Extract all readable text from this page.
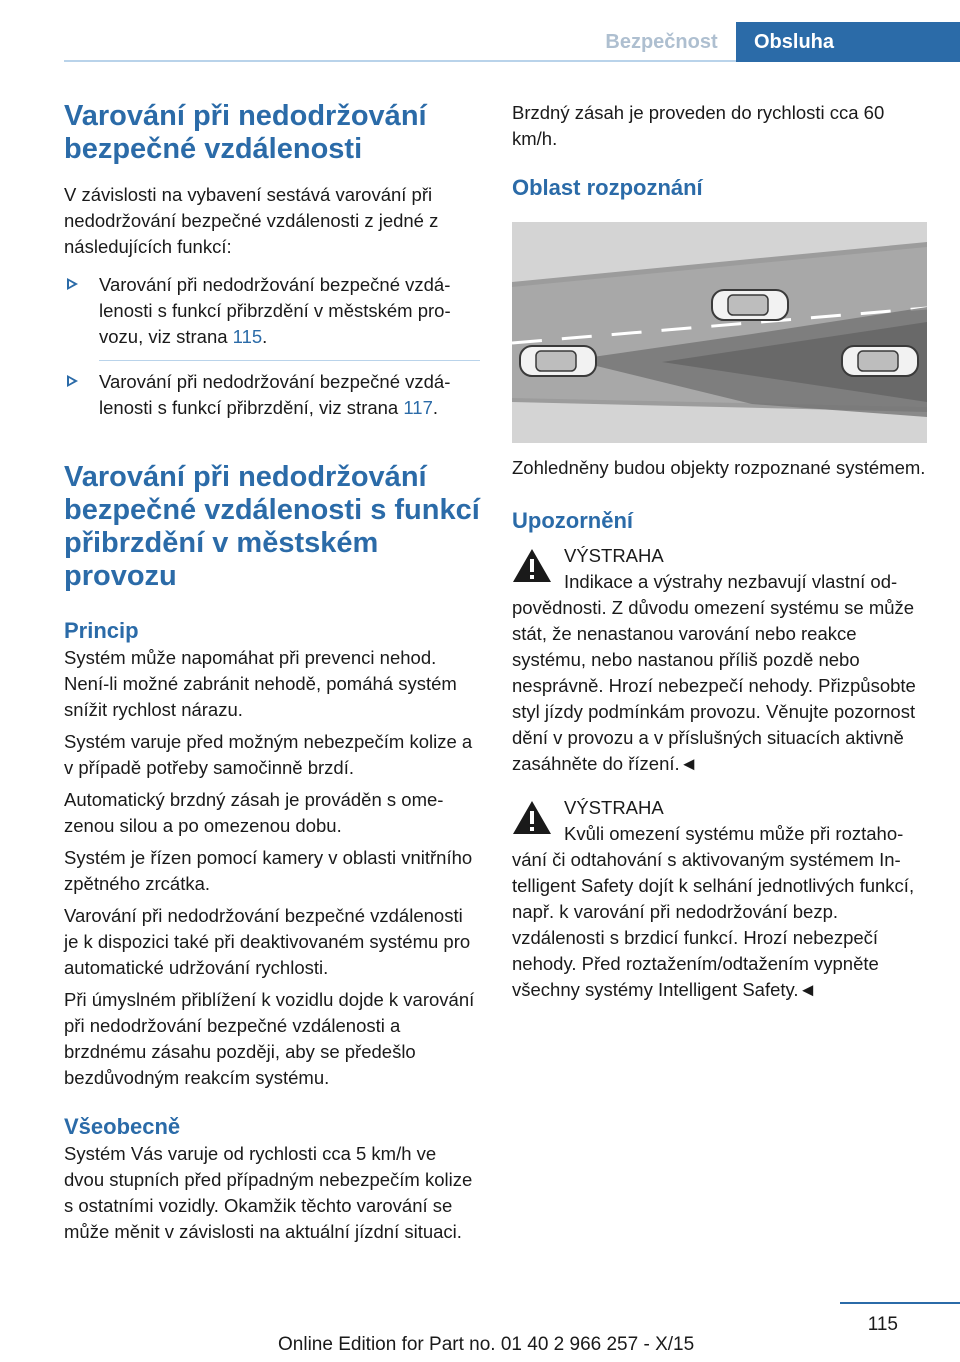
Bezpečnost	Obsluha
Varování při nedodržování bezpečné vzdálenosti

V závislosti na vybavení sestává varování při nedodržování bezpečné vzdálenosti z jedné z následujících funkcí:

Varování při nedodržování bezpečné vzdálenosti s funkcí přibrzdění v městském provozu, viz strana 115.
Varování při nedodržování bezpečné vzdálenosti s funkcí přibrzdění, viz strana 117.
Varování při nedodržování bezpečné vzdálenosti s funkcí přibrzdění v městském provozu
Princip

Systém může napomáhat při prevenci nehod. Není-li možné zabránit nehodě, pomáhá systém snížit rychlost nárazu.

Systém varuje před možným nebezpečím kolize a v případě potřeby samočinně brzdí.

Automatický brzdný zásah je prováděn s omezenou silou a po omezenou dobu.

Systém je řízen pomocí kamery v oblasti vnitřního zpětného zrcátka.

Varování při nedodržování bezpečné vzdálenosti je k dispozici také při deaktivovaném systému pro automatické udržování rychlosti.

Při úmyslném přiblížení k vozidlu dojde k varování při nedodržování bezpečné vzdálenosti a brzdnému zásahu později, aby se předešlo bezdůvodným reakcím systému.

Všeobecně

Systém Vás varuje od rychlosti cca 5 km/h ve dvou stupních před případným nebezpečím kolize s ostatními vozidly. Okamžik těchto varování se může měnit v závislosti na aktuální jízdní situaci.

Brzdný zásah je proveden do rychlosti cca 60 km/h.

Oblast rozpoznání

Zohledněny budou objekty rozpoznané systémem.

Upozornění
VÝSTRAHA

Indikace a výstrahy nezbavují vlastní odpovědnosti. Z důvodu omezení systému se může stát, že nenastanou varování nebo reakce systému, nebo nastanou příliš pozdě nebo nesprávně. Hrozí nebezpečí nehody. Přizpůsobte styl jízdy podmínkám provozu. Věnujte pozornost dění v provozu a v příslušných situacích aktivně zasáhněte do řízení.◄

VÝSTRAHA

Kvůli omezení systému může při roztahování či odtahování s aktivovaným systémem Intelligent Safety dojít k selhání jednotlivých funkcí, např. k varování při nedodržování bezp. vzdálenosti s brzdicí funkcí. Hrozí nebezpečí nehody. Před roztažením/odtažením vypněte všechny systémy Intelligent Safety.◄

115
Online Edition for Part no. 01 40 2 966 257 - X/15
